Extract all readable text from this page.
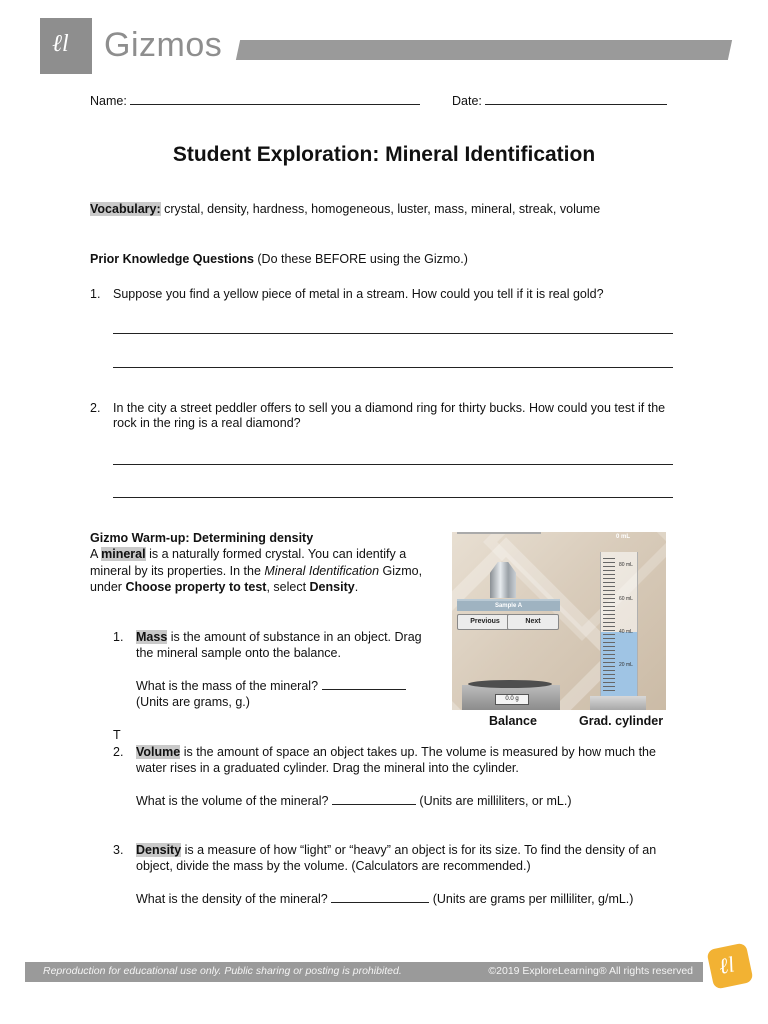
ℓl Gizmos
Name:	Date:
Student Exploration: Mineral Identification
Vocabulary: crystal, density, hardness, homogeneous, luster, mass, mineral, streak, volume
Prior Knowledge Questions (Do these BEFORE using the Gizmo.)
1. Suppose you find a yellow piece of metal in a stream. How could you tell if it is real gold?
2. In the city a street peddler offers to sell you a diamond ring for thirty bucks. How could you test if the rock in the ring is a real diamond?
Gizmo Warm-up: Determining density
A mineral is a naturally formed crystal. You can identify a mineral by its properties. In the Mineral Identification Gizmo, under Choose property to test, select Density.
1. Mass is the amount of substance in an object. Drag the mineral sample onto the balance.

What is the mass of the mineral?
(Units are grams, g.)
T
2. Volume is the amount of space an object takes up. The volume is measured by how much the water rises in a graduated cylinder. Drag the mineral into the cylinder.

What is the volume of the mineral?	(Units are milliliters, or mL.)
3. Density is a measure of how “light” or “heavy” an object is for its size. To find the density of an object, divide the mass by the volume. (Calculators are recommended.)

What is the density of the mineral?	(Units are grams per milliliter, g/mL.)
Sample A
Previous	Next
0.0 g
0 mL
80 mL
60 mL
40 mL
20 mL
Balance	Grad. cylinder
Reproduction for educational use only. Public sharing or posting is prohibited.	©2019 ExploreLearning® All rights reserved ℓl
